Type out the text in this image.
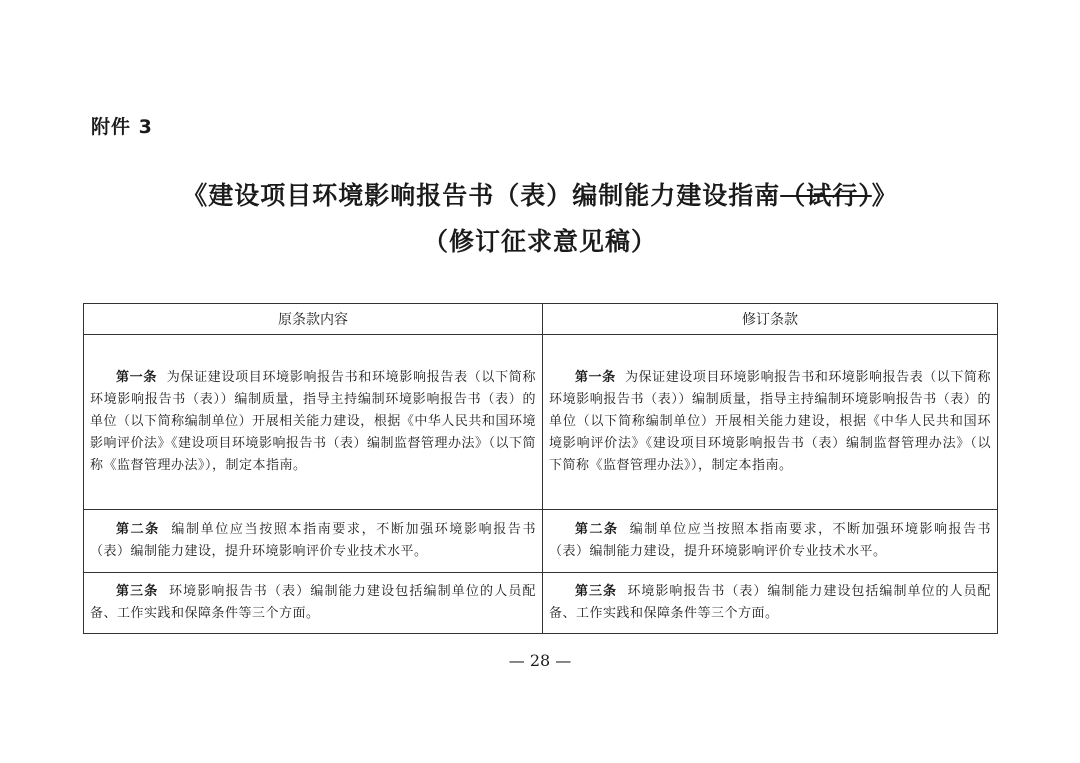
附件 3
《建设项目环境影响报告书（表）编制能力建设指南（试行）》
（修订征求意见稿）
原条款内容	修订条款
第一条 为保证建设项目环境影响报告书和环境影响报告表（以下简称环境影响报告书（表））编制质量，指导主持编制环境影响报告书（表）的单位（以下简称编制单位）开展相关能力建设，根据《中华人民共和国环境影响评价法》《建设项目环境影响报告书（表）编制监督管理办法》（以下简称《监督管理办法》），制定本指南。	第一条 为保证建设项目环境影响报告书和环境影响报告表（以下简称环境影响报告书（表））编制质量，指导主持编制环境影响报告书（表）的单位（以下简称编制单位）开展相关能力建设，根据《中华人民共和国环境影响评价法》《建设项目环境影响报告书（表）编制监督管理办法》（以下简称《监督管理办法》），制定本指南。
第二条 编制单位应当按照本指南要求，不断加强环境影响报告书（表）编制能力建设，提升环境影响评价专业技术水平。	第二条 编制单位应当按照本指南要求，不断加强环境影响报告书（表）编制能力建设，提升环境影响评价专业技术水平。
第三条 环境影响报告书（表）编制能力建设包括编制单位的人员配备、工作实践和保障条件等三个方面。	第三条 环境影响报告书（表）编制能力建设包括编制单位的人员配备、工作实践和保障条件等三个方面。
— 28 —
